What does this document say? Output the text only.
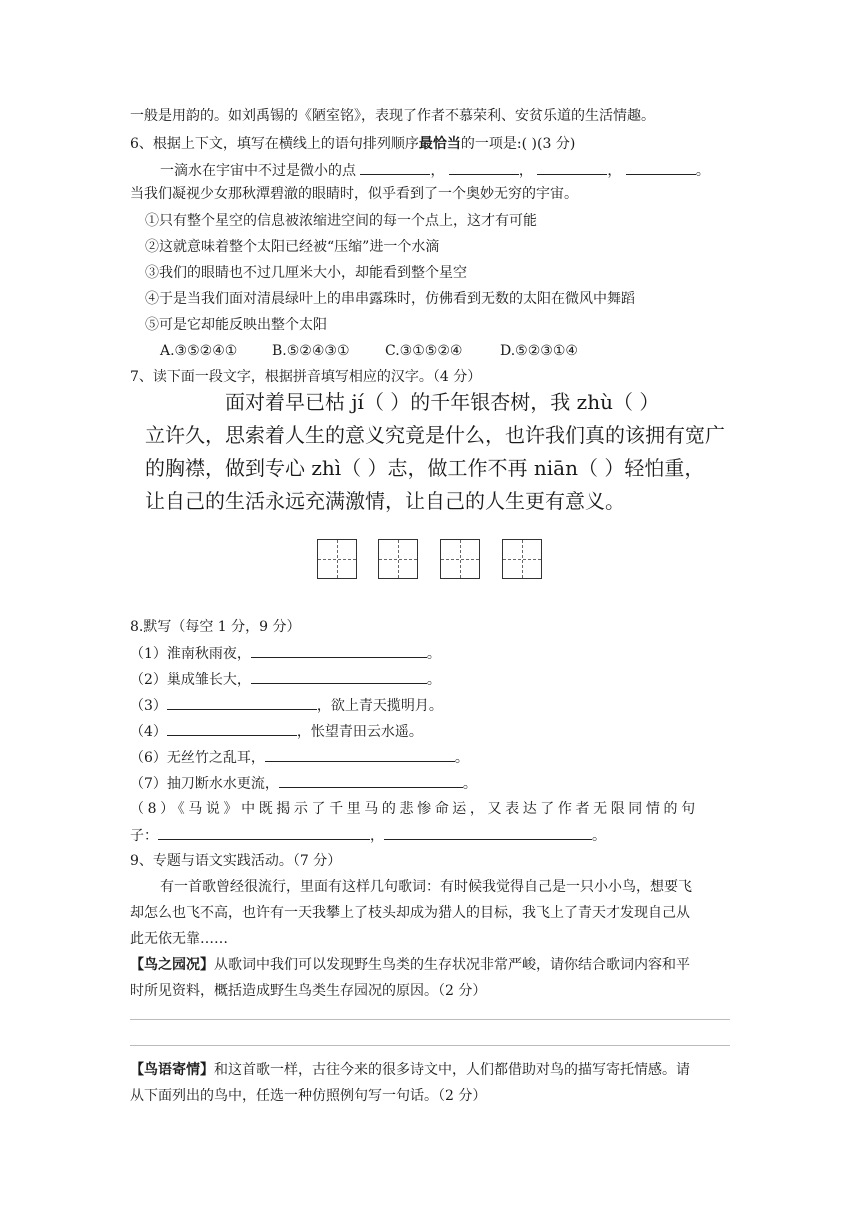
一般是用韵的。如刘禹锡的《陋室铭》，表现了作者不慕荣利、安贫乐道的生活情趣。
6、根据上下文，填写在横线上的语句排列顺序最恰当的一项是:( )(3 分)
一滴水在宇宙中不过是微小的点	，	，	，	。
当我们凝视少女那秋潭碧澈的眼睛时，似乎看到了一个奥妙无穷的宇宙。
①只有整个星空的信息被浓缩进空间的每一个点上，这才有可能
②这就意味着整个太阳已经被“压缩”进一个水滴
③我们的眼睛也不过几厘米大小，却能看到整个星空
④于是当我们面对清晨绿叶上的串串露珠时，仿佛看到无数的太阳在微风中舞蹈
⑤可是它却能反映出整个太阳
A.③⑤②④① B.⑤②④③①	C.③①⑤②④	D.⑤②③①④
7、读下面一段文字，根据拼音填写相应的汉字。（4 分）
面对着早已枯 jí（ ）的千年银杏树，我 zhù（ ）
立许久，思索着人生的意义究竟是什么，也许我们真的该拥有宽广
的胸襟，做到专心 zhì（ ）志，做工作不再 niān（ ）轻怕重，
让自己的生活永远充满激情，让自己的人生更有意义。
8.默写（每空 1 分，9 分）
（1）淮南秋雨夜，	。
（2）巢成雏长大，	。
（3）	，欲上青天揽明月。
（4）	，怅望青田云水遥。
（6）无丝竹之乱耳，	。
（7）抽刀断水水更流，	。
（8）《马说》中既揭示了千里马的悲惨命运，又表达了作者无限同情的句
子：	，	。
9、专题与语文实践活动。（7 分）
有一首歌曾经很流行，里面有这样几句歌词：有时候我觉得自己是一只小小鸟，想要飞
却怎么也飞不高，也许有一天我攀上了枝头却成为猎人的目标，我飞上了青天才发现自己从
此无依无靠……
【鸟之园况】从歌词中我们可以发现野生鸟类的生存状况非常严峻，请你结合歌词内容和平
时所见资料，概括造成野生鸟类生存园况的原因。（2 分）
【鸟语寄情】和这首歌一样，古往今来的很多诗文中，人们都借助对鸟的描写寄托情感。请
从下面列出的鸟中，任选一种仿照例句写一句话。（2 分）
